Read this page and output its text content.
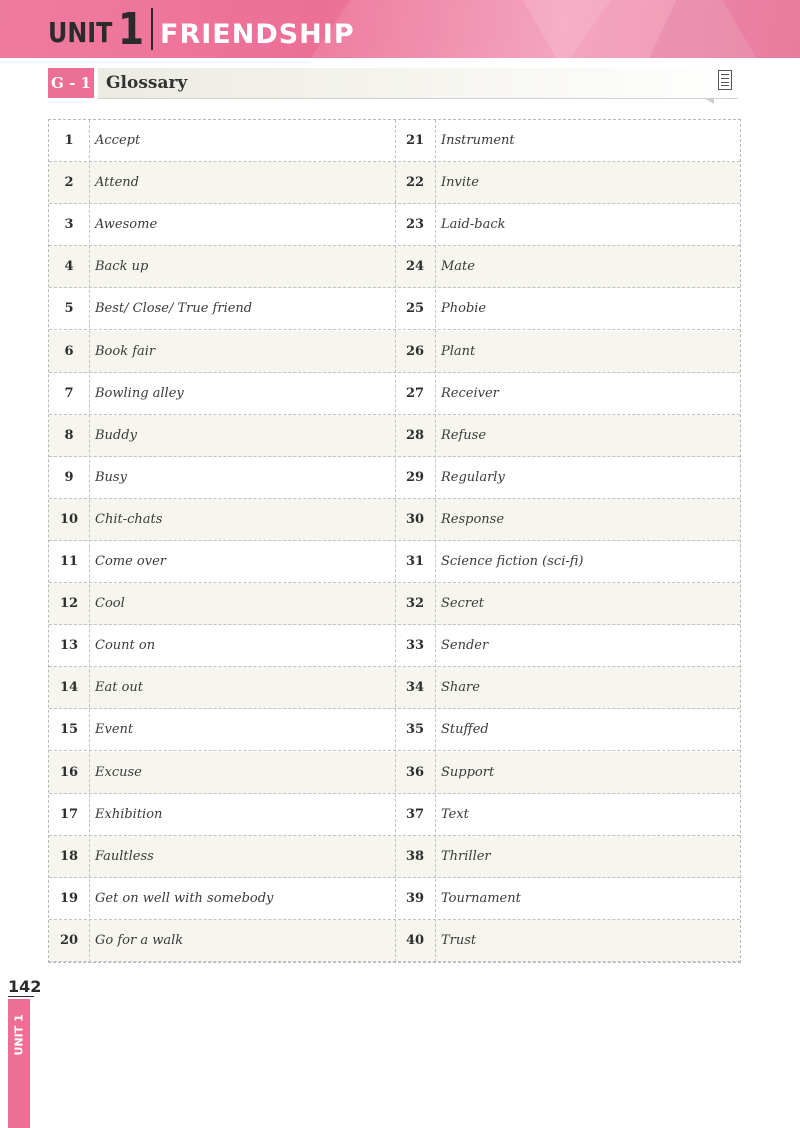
UNIT 1 FRIENDSHIP
G - 1 Glossary
1	Accept	21	Instrument
2	Attend	22	Invite
3	Awesome	23	Laid-back
4	Back up	24	Mate
5	Best/ Close/ True friend	25	Phobie
6	Book fair	26	Plant
7	Bowling alley	27	Receiver
8	Buddy	28	Refuse
9	Busy	29	Regularly
10	Chit-chats	30	Response
11	Come over	31	Science fiction (sci-fi)
12	Cool	32	Secret
13	Count on	33	Sender
14	Eat out	34	Share
15	Event	35	Stuffed
16	Excuse	36	Support
17	Exhibition	37	Text
18	Faultless	38	Thriller
19	Get on well with somebody	39	Tournament
20	Go for a walk	40	Trust
142
UNIT 1
